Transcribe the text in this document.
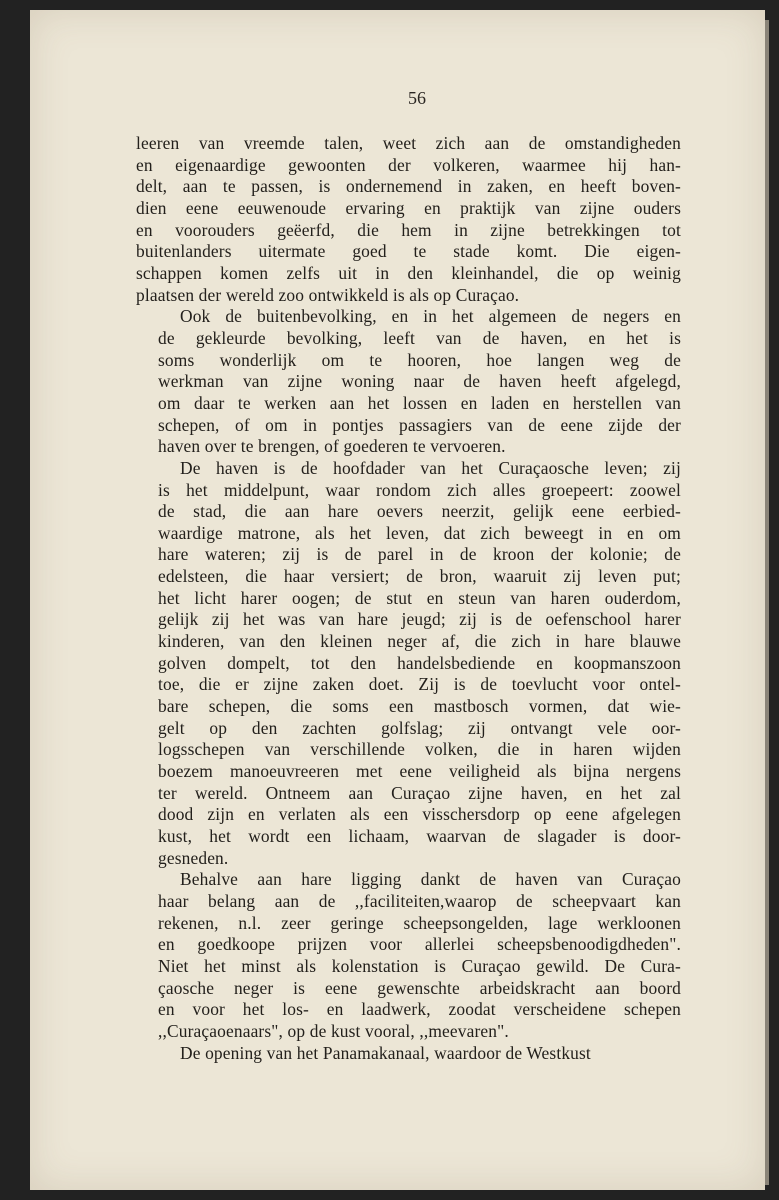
56

leeren van vreemde talen, weet zich aan de omstandigheden
en eigenaardige gewoonten der volkeren, waarmee hij han-
delt, aan te passen, is ondernemend in zaken, en heeft boven-
dien eene eeuwenoude ervaring en praktijk van zijne ouders
en voorouders geëerfd, die hem in zijne betrekkingen tot
buitenlanders uitermate goed te stade komt. Die eigen-
schappen komen zelfs uit in den kleinhandel, die op weinig
plaatsen der wereld zoo ontwikkeld is als op Curaçao.

Ook de buitenbevolking, en in het algemeen de negers en
de gekleurde bevolking, leeft van de haven, en het is
soms wonderlijk om te hooren, hoe langen weg de
werkman van zijne woning naar de haven heeft afgelegd,
om daar te werken aan het lossen en laden en herstellen van
schepen, of om in pontjes passagiers van de eene zijde der
haven over te brengen, of goederen te vervoeren.

De haven is de hoofdader van het Curaçaosche leven; zij
is het middelpunt, waar rondom zich alles groepeert: zoowel
de stad, die aan hare oevers neerzit, gelijk eene eerbied-
waardige matrone, als het leven, dat zich beweegt in en om
hare wateren; zij is de parel in de kroon der kolonie; de
edelsteen, die haar versiert; de bron, waaruit zij leven put;
het licht harer oogen; de stut en steun van haren ouderdom,
gelijk zij het was van hare jeugd; zij is de oefenschool harer
kinderen, van den kleinen neger af, die zich in hare blauwe
golven dompelt, tot den handelsbediende en koopmanszoon
toe, die er zijne zaken doet. Zij is de toevlucht voor ontel-
bare schepen, die soms een mastbosch vormen, dat wie-
gelt op den zachten golfslag; zij ontvangt vele oor-
logsschepen van verschillende volken, die in haren wijden
boezem manoeuvreeren met eene veiligheid als bijna nergens
ter wereld. Ontneem aan Curaçao zijne haven, en het zal
dood zijn en verlaten als een visschersdorp op eene afgelegen
kust, het wordt een lichaam, waarvan de slagader is door-
gesneden.

Behalve aan hare ligging dankt de haven van Curaçao
haar belang aan de ,,faciliteiten,waarop de scheepvaart kan
rekenen, n.l. zeer geringe scheepsongelden, lage werkloonen
en goedkoope prijzen voor allerlei scheepsbenoodigdheden".
Niet het minst als kolenstation is Curaçao gewild. De Cura-
çaosche neger is eene gewenschte arbeidskracht aan boord
en voor het los- en laadwerk, zoodat verscheidene schepen
,,Curaçaoenaars", op de kust vooral, ,,meevaren".

De opening van het Panamakanaal, waardoor de Westkust
